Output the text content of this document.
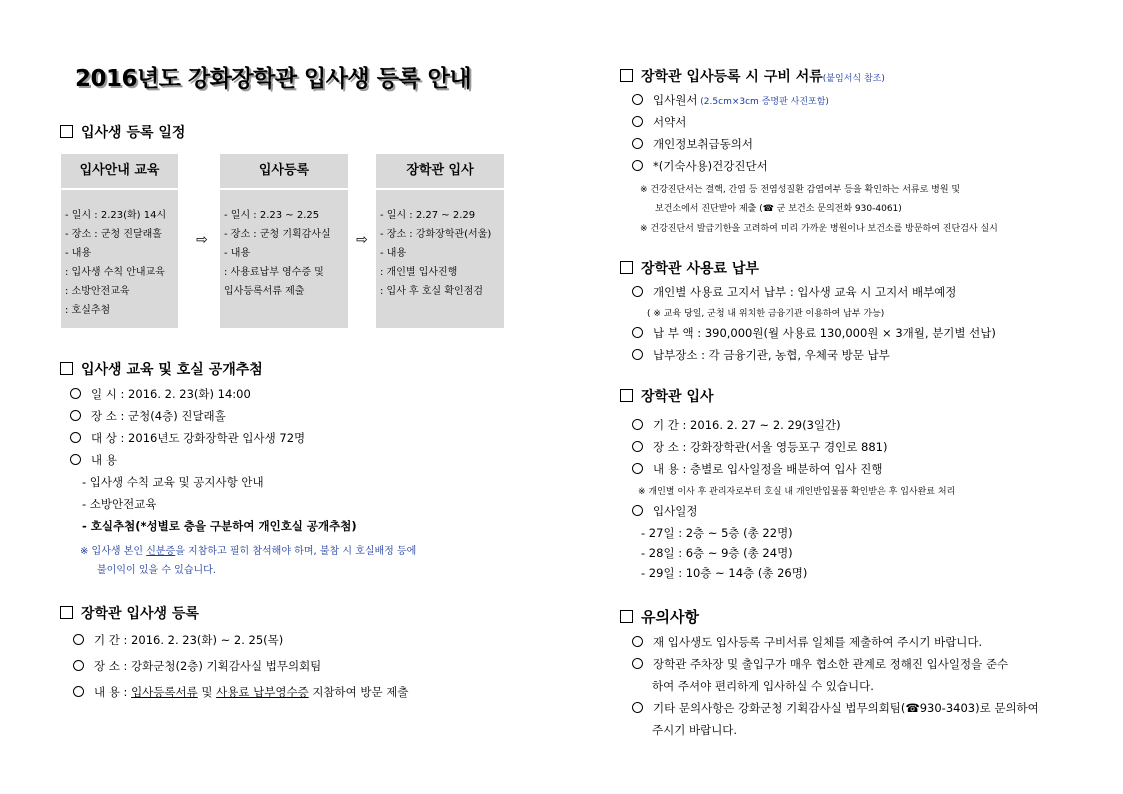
2016년도 강화장학관 입사생 등록 안내
입사생 등록 일정
입사안내 교육
- 일시 : 2.23(화) 14시
- 장소 : 군청 진달래홀
- 내용
: 입사생 수칙 안내교육
: 소방안전교육
: 호실추첨
⇨
입사등록
- 일시 : 2.23 ~ 2.25
- 장소 : 군청 기획감사실
- 내용
: 사용료납부 영수증 및
입사등록서류 제출
⇨
장학관 입사
- 일시 : 2.27 ~ 2.29
- 장소 : 강화장학관(서울)
- 내용
: 개인별 입사진행
: 입사 후 호실 확인점검
입사생 교육 및 호실 공개추첨
일 시 : 2016. 2. 23(화) 14:00
장 소 : 군청(4층) 진달래홀
대 상 : 2016년도 강화장학관 입사생 72명
내 용
- 입사생 수칙 교육 및 공지사항 안내
- 소방안전교육
- 호실추첨(*성별로 층을 구분하여 개인호실 공개추첨)
※ 입사생 본인 신분증을 지참하고 필히 참석해야 하며, 불참 시 호실배정 등에
불이익이 있을 수 있습니다.
장학관 입사생 등록
기 간 : 2016. 2. 23(화) ~ 2. 25(목)
장 소 : 강화군청(2층) 기획감사실 법무의회팀
내 용 : 입사등록서류 및 사용료 납부영수증 지참하여 방문 제출
장학관 입사등록 시 구비 서류(붙임서식 참조)
입사원서 (2.5cm×3cm 증명판 사진포함)
서약서
개인정보취급동의서
*(기숙사용)건강진단서
※ 건강진단서는 결핵, 간염 등 전염성질환 감염여부 등을 확인하는 서류로 병원 및
보건소에서 진단받아 제출 (☎ 군 보건소 문의전화 930-4061)
※ 건강진단서 발급기한을 고려하여 미리 가까운 병원이나 보건소를 방문하여 진단검사 실시
장학관 사용료 납부
개인별 사용료 고지서 납부 : 입사생 교육 시 고지서 배부예정
( ※ 교육 당일, 군청 내 위치한 금융기관 이용하여 납부 가능)
납 부 액 : 390,000원(월 사용료 130,000원 × 3개월, 분기별 선납)
납부장소 : 각 금융기관, 농협, 우체국 방문 납부
장학관 입사
기 간 : 2016. 2. 27 ~ 2. 29(3일간)
장 소 : 강화장학관(서울 영등포구 경인로 881)
내 용 : 층별로 입사일정을 배분하여 입사 진행
※ 개인별 이사 후 관리자로부터 호실 내 개인반입물품 확인받은 후 입사완료 처리
입사일정
- 27일 : 2층 ~ 5층 (총 22명)
- 28일 : 6층 ~ 9층 (총 24명)
- 29일 : 10층 ~ 14층 (총 26명)
유의사항
재 입사생도 입사등록 구비서류 일체를 제출하여 주시기 바랍니다.
장학관 주차장 및 출입구가 매우 협소한 관계로 정해진 입사일정을 준수
하여 주셔야 편리하게 입사하실 수 있습니다.
기타 문의사항은 강화군청 기획감사실 법무의회팀(☎930-3403)로 문의하여
주시기 바랍니다.
